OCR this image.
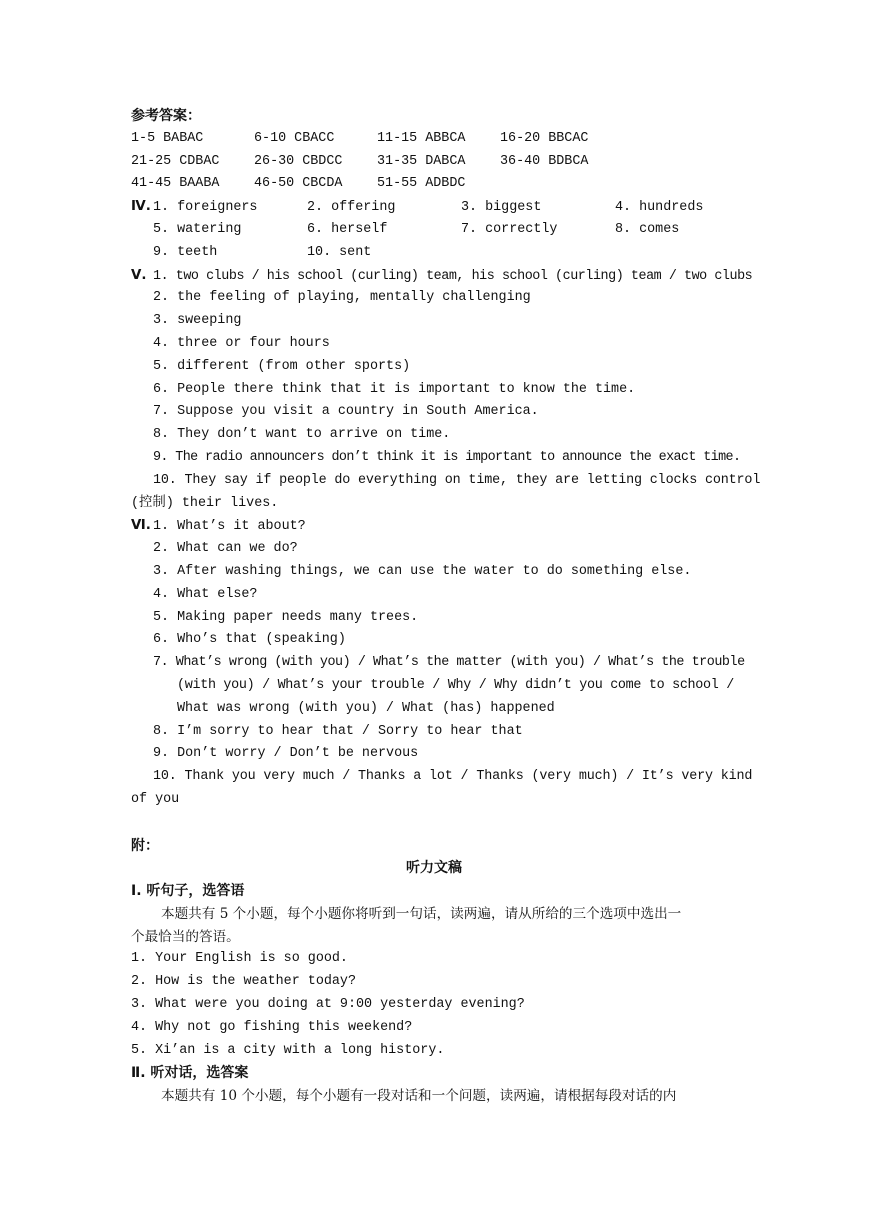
参考答案：
1-5 BABAC	6-10 CBACC	11-15 ABBCA	16-20 BBCAC
21-25 CDBAC	26-30 CBDCC	31-35 DABCA	36-40 BDBCA
41-45 BAABA	46-50 CBCDA	51-55 ADBDC
Ⅳ. 1. foreigners	2. offering	3. biggest	4. hundreds
5. watering	6. herself	7. correctly	8. comes
9. teeth	10. sent
Ⅴ. 1. two clubs / his school (curling) team, his school (curling) team / two clubs
2. the feeling of playing, mentally challenging
3. sweeping
4. three or four hours
5. different (from other sports)
6. People there think that it is important to know the time.
7. Suppose you visit a country in South America.
8. They don’t want to arrive on time.
9. The radio announcers don’t think it is important to announce the exact time.
10. They say if people do everything on time, they are letting clocks control
(控制) their lives.
Ⅵ. 1. What’s it about?
2. What can we do?
3. After washing things, we can use the water to do something else.
4. What else?
5. Making paper needs many trees.
6. Who’s that (speaking)
7. What’s wrong (with you) / What’s the matter (with you) / What’s the trouble
(with you) / What’s your trouble / Why / Why didn’t you come to school /
What was wrong (with you) / What (has) happened
8. I’m sorry to hear that / Sorry to hear that
9. Don’t worry / Don’t be nervous
10. Thank you very much / Thanks a lot / Thanks (very much) / It’s very kind
of you
附：
听力文稿
Ⅰ. 听句子，选答语
本题共有 5 个小题，每个小题你将听到一句话，读两遍，请从所给的三个选项中选出一
个最恰当的答语。
1. Your English is so good.
2. How is the weather today?
3. What were you doing at 9:00 yesterday evening?
4. Why not go fishing this weekend?
5. Xi’an is a city with a long history.
Ⅱ. 听对话，选答案
本题共有 10 个小题，每个小题有一段对话和一个问题，读两遍，请根据每段对话的内
